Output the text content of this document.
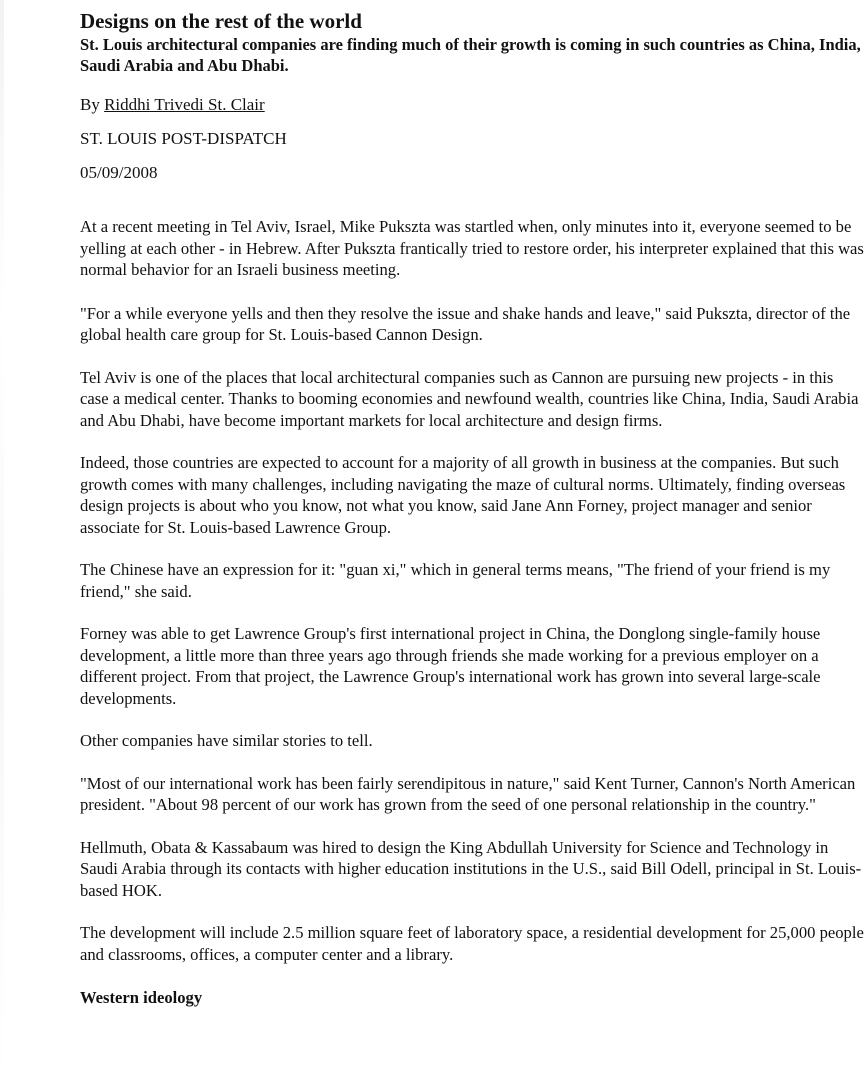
Designs on the rest of the world

St. Louis architectural companies are finding much of their growth is coming in such countries as China, India, Saudi Arabia and Abu Dhabi.

By Riddhi Trivedi St. Clair

ST. LOUIS POST-DISPATCH

05/09/2008

At a recent meeting in Tel Aviv, Israel, Mike Pukszta was startled when, only minutes into it, everyone seemed to be yelling at each other - in Hebrew. After Pukszta frantically tried to restore order, his interpreter explained that this was normal behavior for an Israeli business meeting.

"For a while everyone yells and then they resolve the issue and shake hands and leave," said Pukszta, director of the global health care group for St. Louis-based Cannon Design.

Tel Aviv is one of the places that local architectural companies such as Cannon are pursuing new projects - in this case a medical center. Thanks to booming economies and newfound wealth, countries like China, India, Saudi Arabia and Abu Dhabi, have become important markets for local architecture and design firms.

Indeed, those countries are expected to account for a majority of all growth in business at the companies. But such growth comes with many challenges, including navigating the maze of cultural norms. Ultimately, finding overseas design projects is about who you know, not what you know, said Jane Ann Forney, project manager and senior associate for St. Louis-based Lawrence Group.

The Chinese have an expression for it: "guan xi," which in general terms means, "The friend of your friend is my friend," she said.

Forney was able to get Lawrence Group's first international project in China, the Donglong single-family house development, a little more than three years ago through friends she made working for a previous employer on a different project. From that project, the Lawrence Group's international work has grown into several large-scale developments.

Other companies have similar stories to tell.

"Most of our international work has been fairly serendipitous in nature," said Kent Turner, Cannon's North American president. "About 98 percent of our work has grown from the seed of one personal relationship in the country."

Hellmuth, Obata & Kassabaum was hired to design the King Abdullah University for Science and Technology in Saudi Arabia through its contacts with higher education institutions in the U.S., said Bill Odell, principal in St. Louis-based HOK.

The development will include 2.5 million square feet of laboratory space, a residential development for 25,000 people and classrooms, offices, a computer center and a library.

Western ideology
